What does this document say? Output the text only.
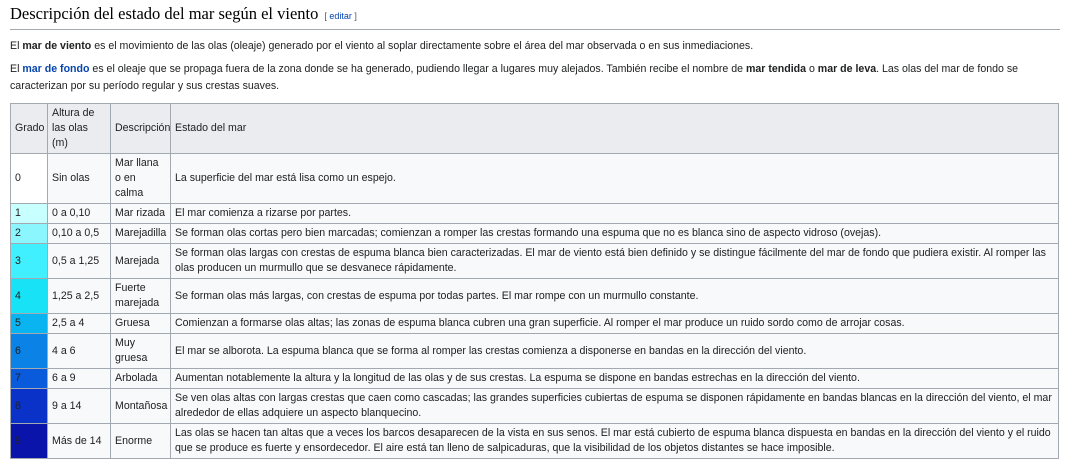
Descripción del estado del mar según el viento [ editar ]

El mar de viento es el movimiento de las olas (oleaje) generado por el viento al soplar directamente sobre el área del mar observada o en sus inmediaciones.

El mar de fondo es el oleaje que se propaga fuera de la zona donde se ha generado, pudiendo llegar a lugares muy alejados. También recibe el nombre de mar tendida o mar de leva. Las olas del mar de fondo se caracterizan por su período regular y sus crestas suaves.

Grado	Altura de las olas (m)	Descripción	Estado del mar
0	Sin olas	Mar llana o en calma	La superficie del mar está lisa como un espejo.
1	0 a 0,10	Mar rizada	El mar comienza a rizarse por partes.
2	0,10 a 0,5	Marejadilla	Se forman olas cortas pero bien marcadas; comienzan a romper las crestas formando una espuma que no es blanca sino de aspecto vidroso (ovejas).
3	0,5 a 1,25	Marejada	Se forman olas largas con crestas de espuma blanca bien caracterizadas. El mar de viento está bien definido y se distingue fácilmente del mar de fondo que pudiera existir. Al romper las olas producen un murmullo que se desvanece rápidamente.
4	1,25 a 2,5	Fuerte marejada	Se forman olas más largas, con crestas de espuma por todas partes. El mar rompe con un murmullo constante.
5	2,5 a 4	Gruesa	Comienzan a formarse olas altas; las zonas de espuma blanca cubren una gran superficie. Al romper el mar produce un ruido sordo como de arrojar cosas.
6	4 a 6	Muy gruesa	El mar se alborota. La espuma blanca que se forma al romper las crestas comienza a disponerse en bandas en la dirección del viento.
7	6 a 9	Arbolada	Aumentan notablemente la altura y la longitud de las olas y de sus crestas. La espuma se dispone en bandas estrechas en la dirección del viento.
8	9 a 14	Montañosa	Se ven olas altas con largas crestas que caen como cascadas; las grandes superficies cubiertas de espuma se disponen rápidamente en bandas blancas en la dirección del viento, el mar alrededor de ellas adquiere un aspecto blanquecino.
9	Más de 14	Enorme	Las olas se hacen tan altas que a veces los barcos desaparecen de la vista en sus senos. El mar está cubierto de espuma blanca dispuesta en bandas en la dirección del viento y el ruido que se produce es fuerte y ensordecedor. El aire está tan lleno de salpicaduras, que la visibilidad de los objetos distantes se hace imposible.
